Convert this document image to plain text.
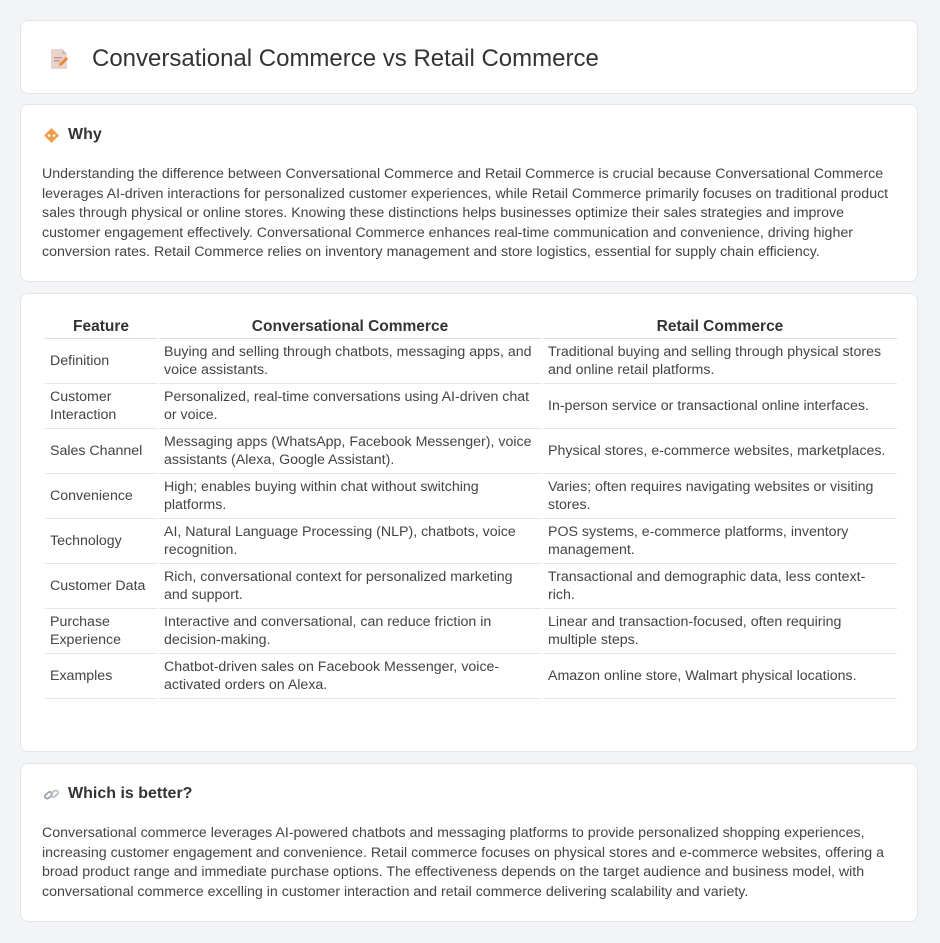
Conversational Commerce vs Retail Commerce
Why

Understanding the difference between Conversational Commerce and Retail Commerce is crucial because Conversational Commerce leverages AI-driven interactions for personalized customer experiences, while Retail Commerce primarily focuses on traditional product sales through physical or online stores. Knowing these distinctions helps businesses optimize their sales strategies and improve customer engagement effectively. Conversational Commerce enhances real-time communication and convenience, driving higher conversion rates. Retail Commerce relies on inventory management and store logistics, essential for supply chain efficiency.

Feature	Conversational Commerce	Retail Commerce
Definition	Buying and selling through chatbots, messaging apps, and voice assistants.	Traditional buying and selling through physical stores and online retail platforms.
Customer Interaction	Personalized, real-time conversations using AI-driven chat or voice.	In-person service or transactional online interfaces.
Sales Channel	Messaging apps (WhatsApp, Facebook Messenger), voice assistants (Alexa, Google Assistant).	Physical stores, e-commerce websites, marketplaces.
Convenience	High; enables buying within chat without switching platforms.	Varies; often requires navigating websites or visiting stores.
Technology	AI, Natural Language Processing (NLP), chatbots, voice recognition.	POS systems, e-commerce platforms, inventory management.
Customer Data	Rich, conversational context for personalized marketing and support.	Transactional and demographic data, less context-rich.
Purchase Experience	Interactive and conversational, can reduce friction in decision-making.	Linear and transaction-focused, often requiring multiple steps.
Examples	Chatbot-driven sales on Facebook Messenger, voice-activated orders on Alexa.	Amazon online store, Walmart physical locations.
Which is better?

Conversational commerce leverages AI-powered chatbots and messaging platforms to provide personalized shopping experiences, increasing customer engagement and convenience. Retail commerce focuses on physical stores and e-commerce websites, offering a broad product range and immediate purchase options. The effectiveness depends on the target audience and business model, with conversational commerce excelling in customer interaction and retail commerce delivering scalability and variety.
